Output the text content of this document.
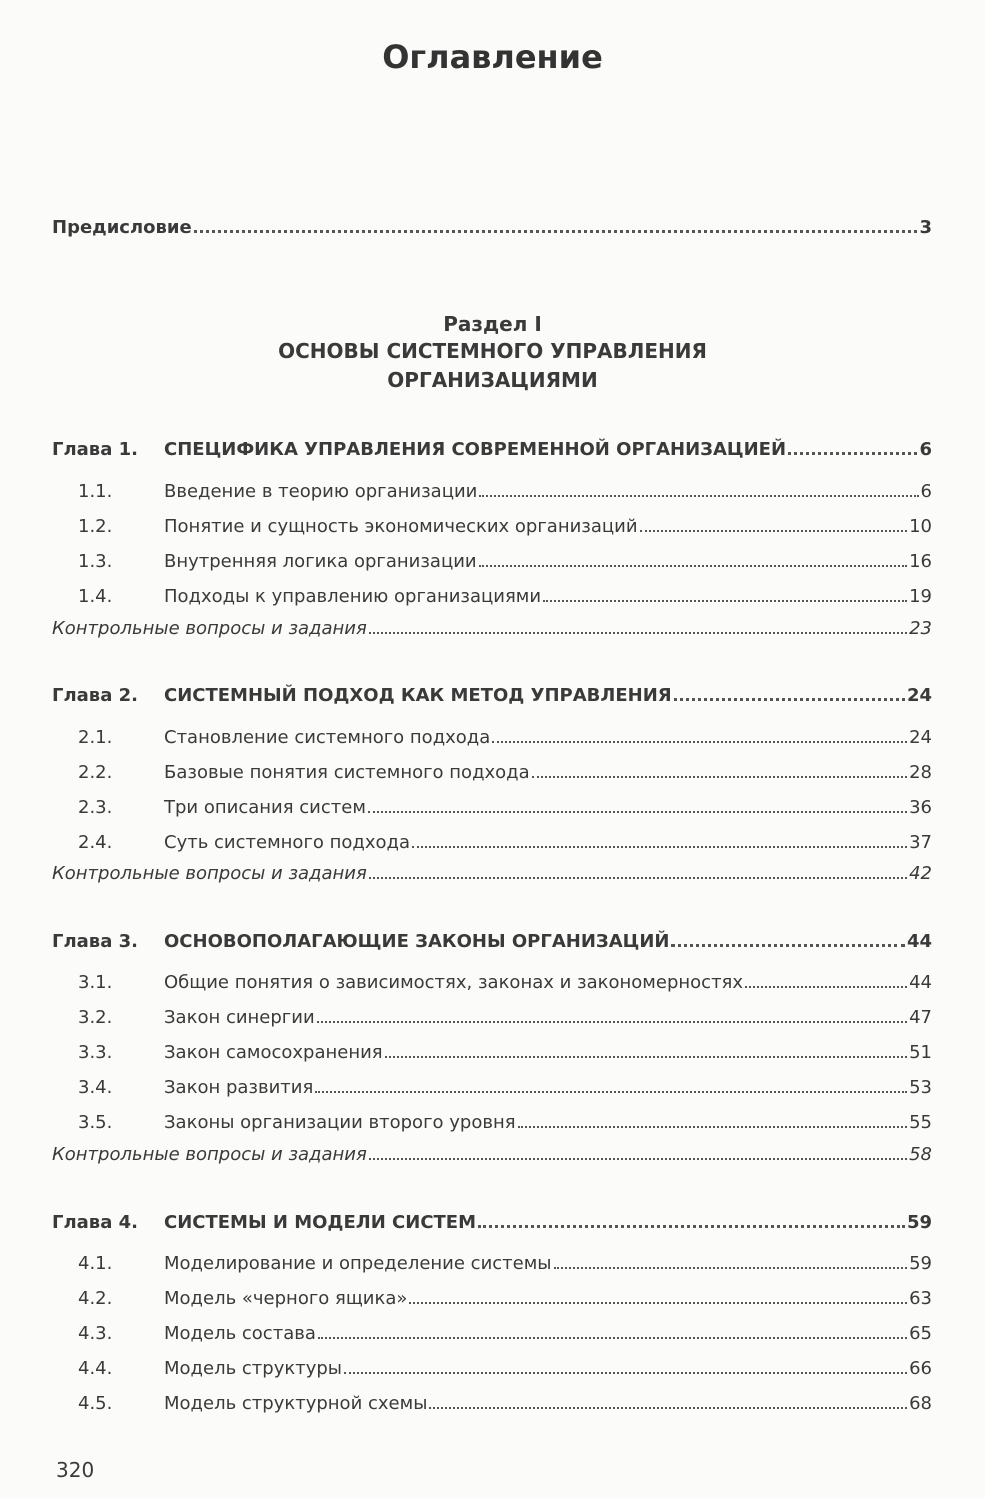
Оглавление
Предисловие	3
Раздел I
ОСНОВЫ СИСТЕМНОГО УПРАВЛЕНИЯ
ОРГАНИЗАЦИЯМИ
Глава 1.	СПЕЦИФИКА УПРАВЛЕНИЯ СОВРЕМЕННОЙ ОРГАНИЗАЦИЕЙ	6
1.1.	Введение в теорию организации	6
1.2.	Понятие и сущность экономических организаций	10
1.3.	Внутренняя логика организации	16
1.4.	Подходы к управлению организациями	19
Контрольные вопросы и задания	23
Глава 2.	СИСТЕМНЫЙ ПОДХОД КАК МЕТОД УПРАВЛЕНИЯ	24
2.1.	Становление системного подхода	24
2.2.	Базовые понятия системного подхода	28
2.3.	Три описания систем	36
2.4.	Суть системного подхода	37
Контрольные вопросы и задания	42
Глава 3.	ОСНОВОПОЛАГАЮЩИЕ ЗАКОНЫ ОРГАНИЗАЦИЙ	44
3.1.	Общие понятия о зависимостях, законах и закономерностях	44
3.2.	Закон синергии	47
3.3.	Закон самосохранения	51
3.4.	Закон развития	53
3.5.	Законы организации второго уровня	55
Контрольные вопросы и задания	58
Глава 4.	СИСТЕМЫ И МОДЕЛИ СИСТЕМ	59
4.1.	Моделирование и определение системы	59
4.2.	Модель «черного ящика»	63
4.3.	Модель состава	65
4.4.	Модель структуры	66
4.5.	Модель структурной схемы	68
320
